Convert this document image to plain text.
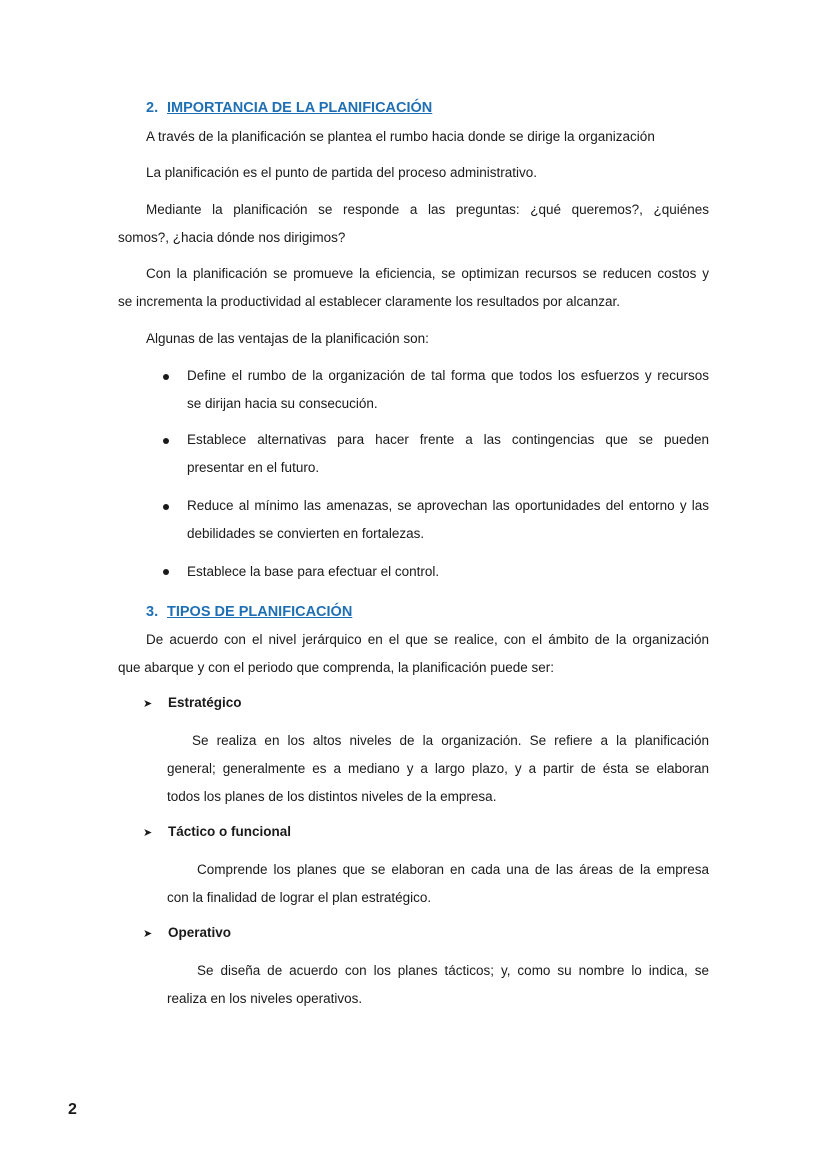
2. IMPORTANCIA DE LA PLANIFICACIÓN

A través de la planificación se plantea el rumbo hacia donde se dirige la organización

La planificación es el punto de partida del proceso administrativo.

Mediante la planificación se responde a las preguntas: ¿qué queremos?, ¿quiénes

somos?, ¿hacia dónde nos dirigimos?

Con la planificación se promueve la eficiencia, se optimizan recursos se reducen costos y

se incrementa la productividad al establecer claramente los resultados por alcanzar.

Algunas de las ventajas de la planificación son:

Define el rumbo de la organización de tal forma que todos los esfuerzos y recursos

se dirijan hacia su consecución.

Establece alternativas para hacer frente a las contingencias que se pueden

presentar en el futuro.

Reduce al mínimo las amenazas, se aprovechan las oportunidades del entorno y las

debilidades se convierten en fortalezas.

Establece la base para efectuar el control.

3. TIPOS DE PLANIFICACIÓN

De acuerdo con el nivel jerárquico en el que se realice, con el ámbito de la organización

que abarque y con el periodo que comprenda, la planificación puede ser:

➤ Estratégico

Se realiza en los altos niveles de la organización. Se refiere a la planificación

general; generalmente es a mediano y a largo plazo, y a partir de ésta se elaboran

todos los planes de los distintos niveles de la empresa.

➤ Táctico o funcional

Comprende los planes que se elaboran en cada una de las áreas de la empresa

con la finalidad de lograr el plan estratégico.

➤ Operativo

Se diseña de acuerdo con los planes tácticos; y, como su nombre lo indica, se

realiza en los niveles operativos.

2
